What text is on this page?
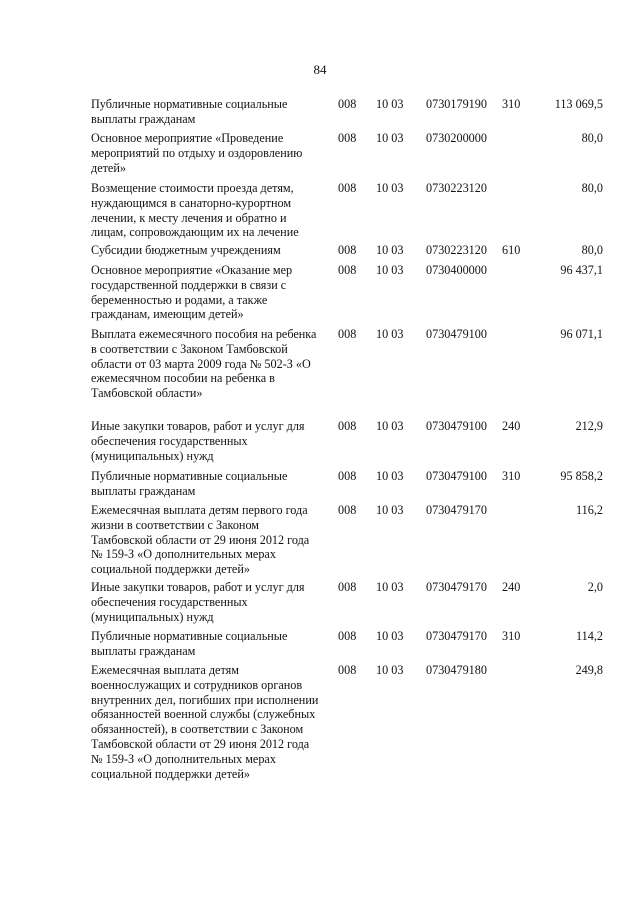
84
Публичные нормативные социальные выплаты гражданам
008 10 03 0730179190 310	113 069,5
Основное мероприятие «Проведение мероприятий по отдыху и оздоровлению детей»
008 10 03 0730200000	80,0
Возмещение стоимости проезда детям, нуждающимся в санаторно-курортном лечении, к месту лечения и обратно и лицам, сопровождающим их на лечение
008 10 03 0730223120	80,0
Субсидии бюджетным учреждениям	008 10 03 0730223120 610	80,0
Основное мероприятие «Оказание мер государственной поддержки в связи с беременностью и родами, а также гражданам, имеющим детей»
008 10 03 0730400000	96 437,1
Выплата ежемесячного пособия на ребенка в соответствии с Законом Тамбовской области от 03 марта 2009 года № 502-З «О ежемесячном пособии на ребенка в Тамбовской области»
008 10 03 0730479100	96 071,1
Иные закупки товаров, работ и услуг для обеспечения государственных (муниципальных) нужд
008 10 03 0730479100 240	212,9
Публичные нормативные социальные выплаты гражданам
008 10 03 0730479100 310	95 858,2
Ежемесячная выплата детям первого года жизни в соответствии с Законом Тамбовской области от 29 июня 2012 года № 159-З «О дополнительных мерах социальной поддержки детей»
008 10 03 0730479170	116,2
Иные закупки товаров, работ и услуг для обеспечения государственных (муниципальных) нужд
008 10 03 0730479170 240	2,0
Публичные нормативные социальные выплаты гражданам
008 10 03 0730479170 310	114,2
Ежемесячная выплата детям военнослужащих и сотрудников органов внутренних дел, погибших при исполнении обязанностей военной службы (служебных обязанностей), в соответствии с Законом Тамбовской области от 29 июня 2012 года № 159-З «О дополнительных мерах социальной поддержки детей»
008 10 03 0730479180	249,8
